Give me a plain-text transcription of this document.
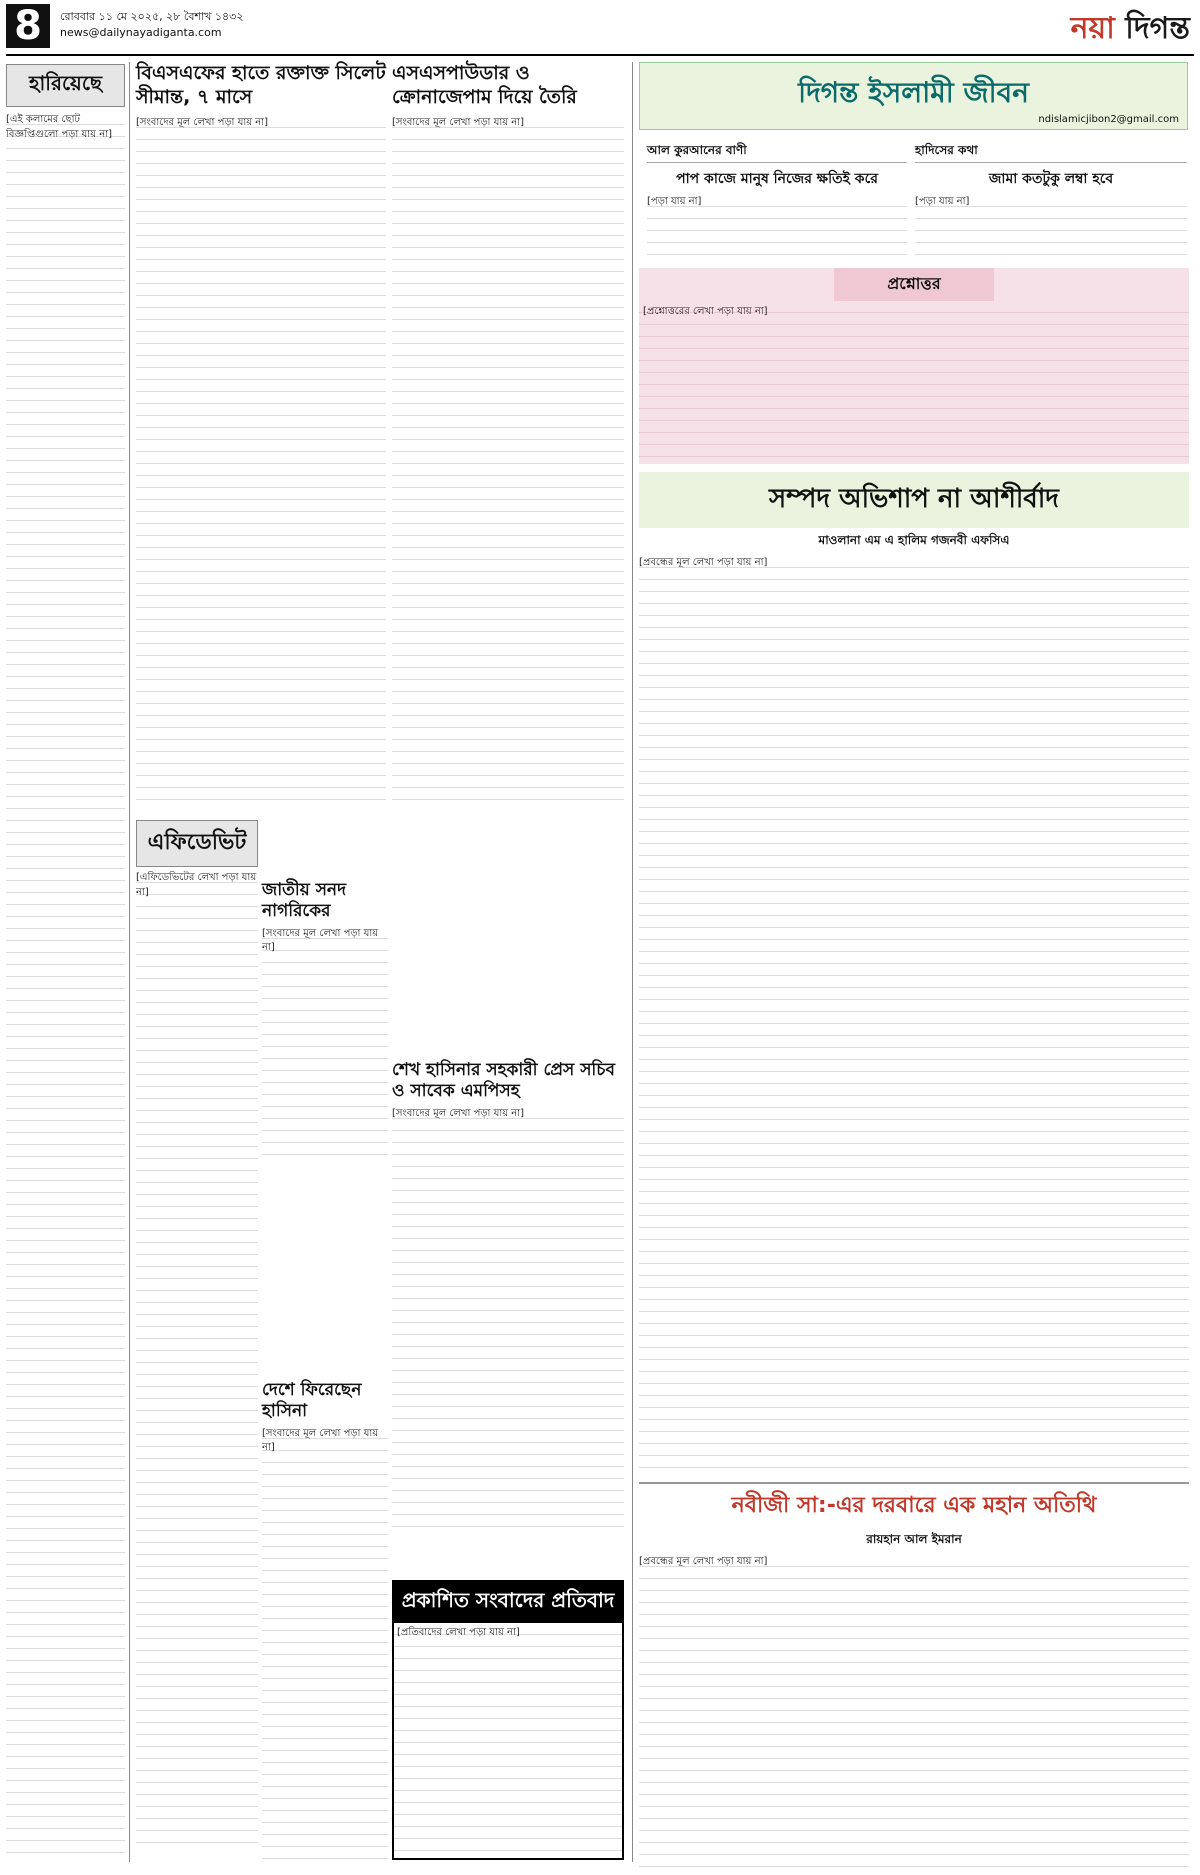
8	রোববার ১১ মে ২০২৫, ২৮ বৈশাখ ১৪৩২
news@dailynayadiganta.com	নয়া দিগন্ত
হারিয়েছে
[এই কলামের ছোট বিজ্ঞপ্তিগুলো পড়া যায় না]
বিএসএফের হাতে রক্তাক্ত সিলেট সীমান্ত, ৭ মাসে
[সংবাদের মূল লেখা পড়া যায় না]
এসএসপাউডার ও ক্রোনাজেপাম দিয়ে তৈরি
[সংবাদের মূল লেখা পড়া যায় না]
এফিডেভিট
[এফিডেভিটের লেখা পড়া যায় না]	জাতীয় সনদ নাগরিকের
[সংবাদের মূল লেখা পড়া যায় না]
দেশে ফিরেছেন হাসিনা
[সংবাদের মূল লেখা পড়া যায় না]
শেখ হাসিনার সহকারী প্রেস সচিব ও সাবেক এমপিসহ
[সংবাদের মূল লেখা পড়া যায় না]
প্রকাশিত সংবাদের প্রতিবাদ
[প্রতিবাদের লেখা পড়া যায় না]
দিগন্ত ইসলামী জীবন
ndislamicjibon2@gmail.com
আল কুরআনের বাণী
পাপ কাজে মানুষ নিজের ক্ষতিই করে
[পড়া যায় না]
হাদিসের কথা
জামা কতটুকু লম্বা হবে
[পড়া যায় না]
প্রশ্নোত্তর
[প্রশ্নোত্তরের লেখা পড়া যায় না]
সম্পদ অভিশাপ না আশীর্বাদ
মাওলানা এম এ হালিম গজনবী এফসিএ
[প্রবন্ধের মূল লেখা পড়া যায় না]
নবীজী সা:-এর দরবারে এক মহান অতিথি
রায়হান আল ইমরান
[প্রবন্ধের মূল লেখা পড়া যায় না]
